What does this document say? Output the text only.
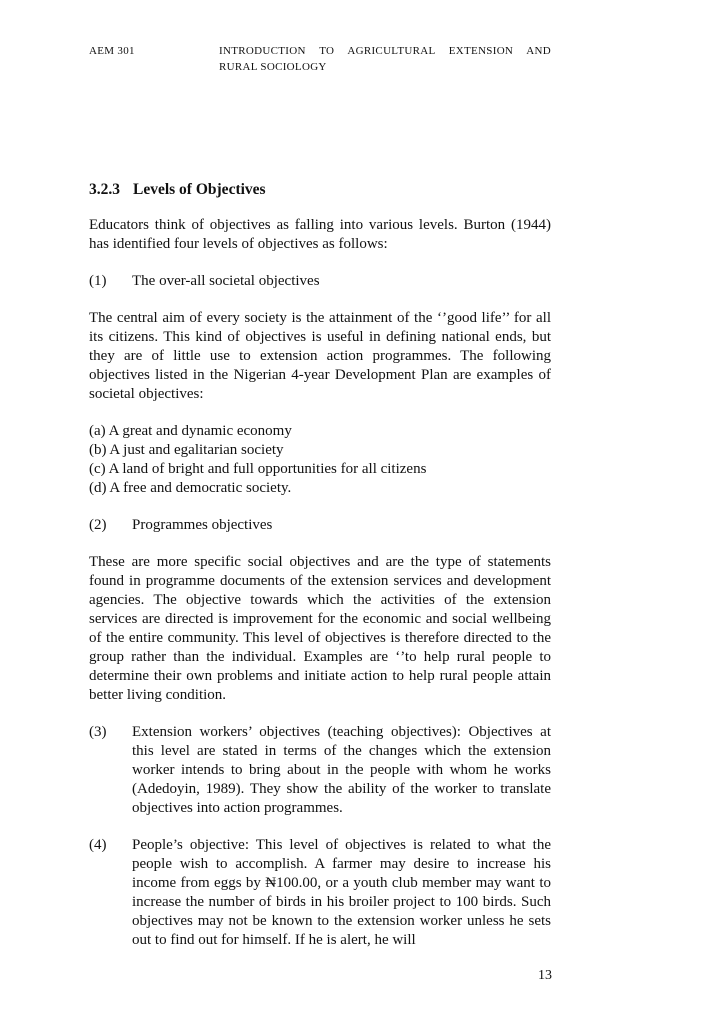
AEM 301	INTRODUCTION TO AGRICULTURAL EXTENSION AND
RURAL SOCIOLOGY
3.2.3 Levels of Objectives

Educators think of objectives as falling into various levels. Burton (1944) has identified four levels of objectives as follows:

(1)	The over-all societal objectives

The central aim of every society is the attainment of the ‘’good life’’ for all its citizens. This kind of objectives is useful in defining national ends, but they are of little use to extension action programmes. The following objectives listed in the Nigerian 4-year Development Plan are examples of societal objectives:

(a) A great and dynamic economy
(b) A just and egalitarian society
(c) A land of bright and full opportunities for all citizens
(d) A free and democratic society.
(2)	Programmes objectives

These are more specific social objectives and are the type of statements found in programme documents of the extension services and development agencies. The objective towards which the activities of the extension services are directed is improvement for the economic and social wellbeing of the entire community. This level of objectives is therefore directed to the group rather than the individual. Examples are ‘’to help rural people to determine their own problems and initiate action to help rural people attain better living condition.

(3)	Extension workers’ objectives (teaching objectives): Objectives at this level are stated in terms of the changes which the extension worker intends to bring about in the people with whom he works (Adedoyin, 1989). They show the ability of the worker to translate objectives into action programmes.
(4)	People’s objective: This level of objectives is related to what the people wish to accomplish. A farmer may desire to increase his income from eggs by ₦100.00, or a youth club member may want to increase the number of birds in his broiler project to 100 birds. Such objectives may not be known to the extension worker unless he sets out to find out for himself. If he is alert, he will
13
